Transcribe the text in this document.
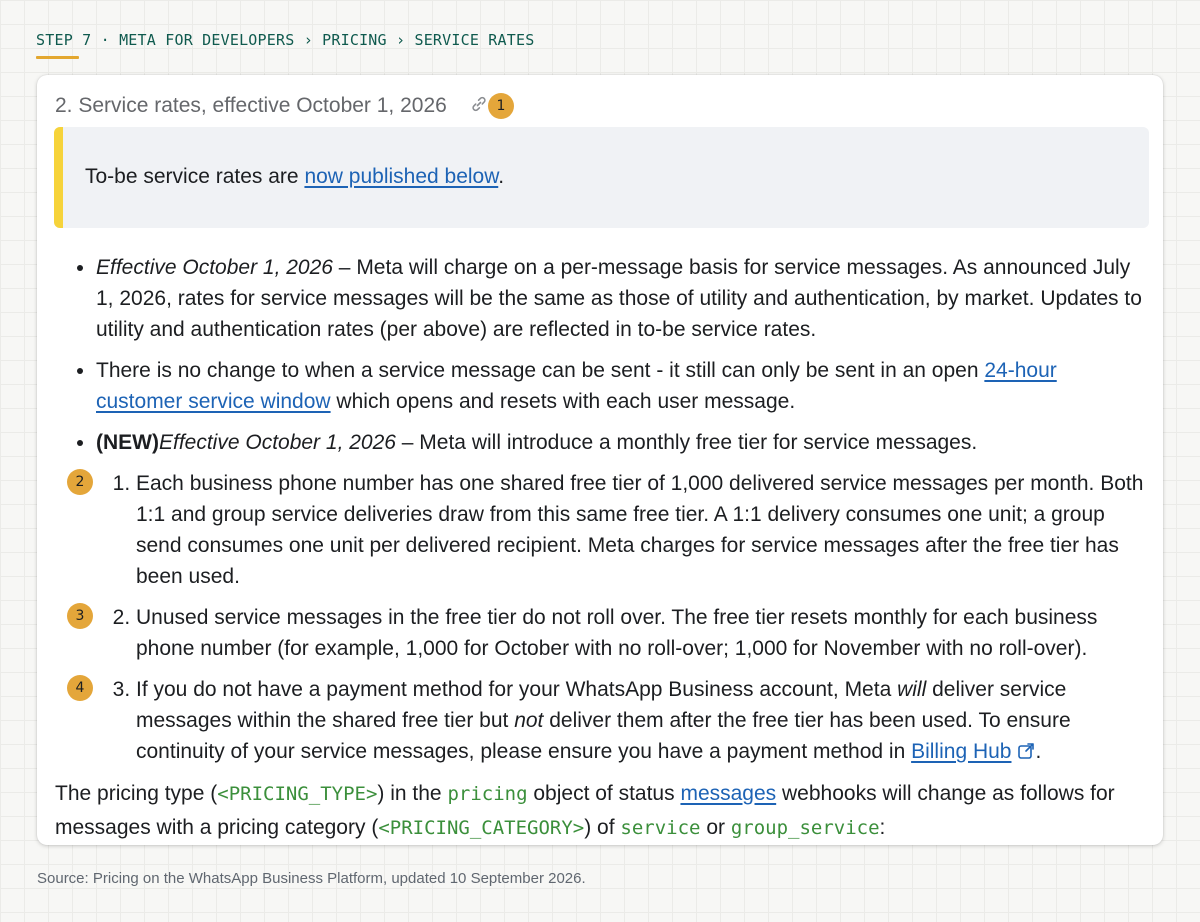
STEP 7 · META FOR DEVELOPERS › PRICING › SERVICE RATES
2. Service rates, effective October 1, 2026	1
To-be service rates are now published below.
2
3
4
• Effective October 1, 2026 – Meta will charge on a per-message basis for service messages. As announced July 1, 2026, rates for service messages will be the same as those of utility and authentication, by market. Updates to utility and authentication rates (per above) are reflected in to-be service rates.
• There is no change to when a service message can be sent - it still can only be sent in an open 24-hour customer service window which opens and resets with each user message.
• (NEW)Effective October 1, 2026 – Meta will introduce a monthly free tier for service messages.
1. Each business phone number has one shared free tier of 1,000 delivered service messages per month. Both 1:1 and group service deliveries draw from this same free tier. A 1:1 delivery consumes one unit; a group send consumes one unit per delivered recipient. Meta charges for service messages after the free tier has been used.
2. Unused service messages in the free tier do not roll over. The free tier resets monthly for each business phone number (for example, 1,000 for October with no roll-over; 1,000 for November with no roll-over).
3. If you do not have a payment method for your WhatsApp Business account, Meta will deliver service messages within the shared free tier but not deliver them after the free tier has been used. To ensure continuity of your service messages, please ensure you have a payment method in Billing Hub .

The pricing type (<PRICING_TYPE>) in the pricing object of status messages webhooks will change as follows for messages with a pricing category (<PRICING_CATEGORY>) of service or group_service:

Source: Pricing on the WhatsApp Business Platform, updated 10 September 2026.
